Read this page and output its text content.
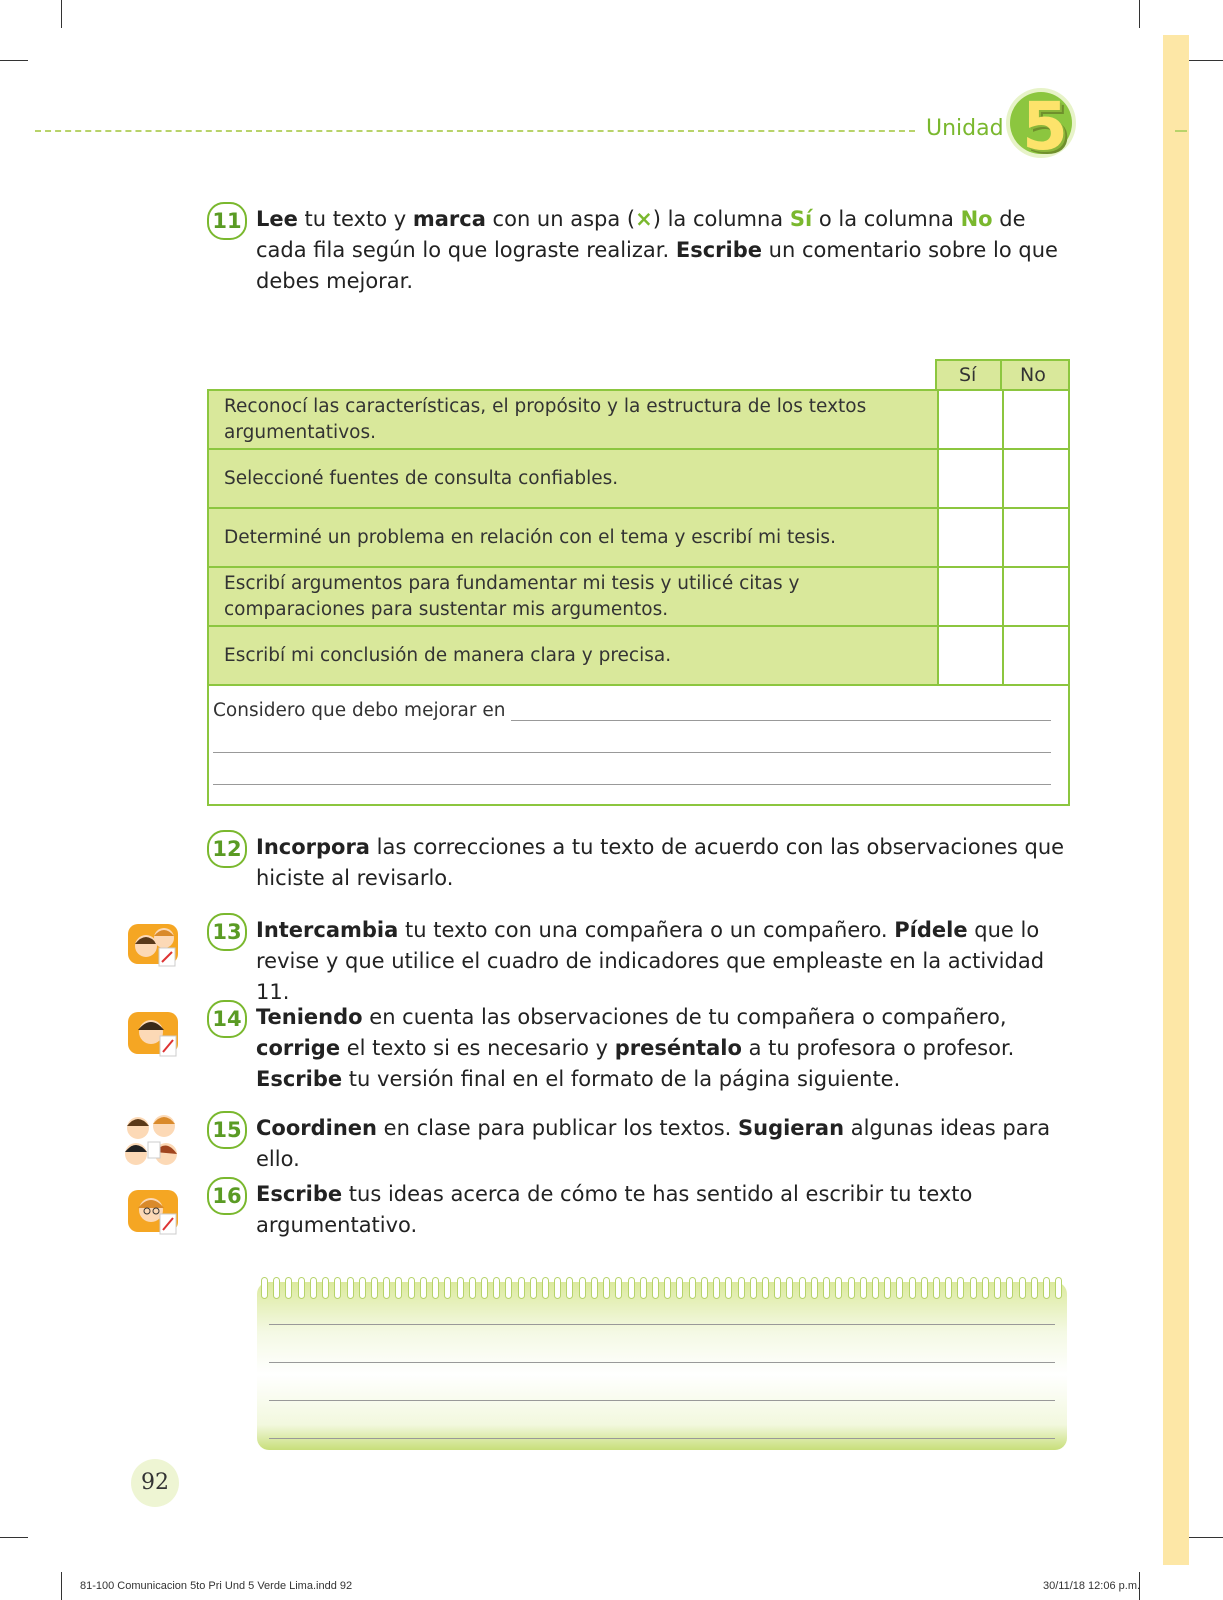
Unidad 5
11 Lee tu texto y marca con un aspa (×) la columna Sí o la columna No de cada fila según lo que lograste realizar. Escribe un comentario sobre lo que debes mejorar.
Sí No
Reconocí las características, el propósito y la estructura de los textos argumentativos.
Seleccioné fuentes de consulta confiables.
Determiné un problema en relación con el tema y escribí mi tesis.
Escribí argumentos para fundamentar mi tesis y utilicé citas y comparaciones para sustentar mis argumentos.
Escribí mi conclusión de manera clara y precisa.
Considero que debo mejorar en
12 Incorpora las correcciones a tu texto de acuerdo con las observaciones que hiciste al revisarlo.
13 Intercambia tu texto con una compañera o un compañero. Pídele que lo revise y que utilice el cuadro de indicadores que empleaste en la actividad 11.
14 Teniendo en cuenta las observaciones de tu compañera o compañero, corrige el texto si es necesario y preséntalo a tu profesora o profesor. Escribe tu versión final en el formato de la página siguiente.
15 Coordinen en clase para publicar los textos. Sugieran algunas ideas para ello.
16 Escribe tus ideas acerca de cómo te has sentido al escribir tu texto argumentativo.
92
81-100 Comunicacion 5to Pri Und 5 Verde Lima.indd 92	30/11/18 12:06 p.m.
